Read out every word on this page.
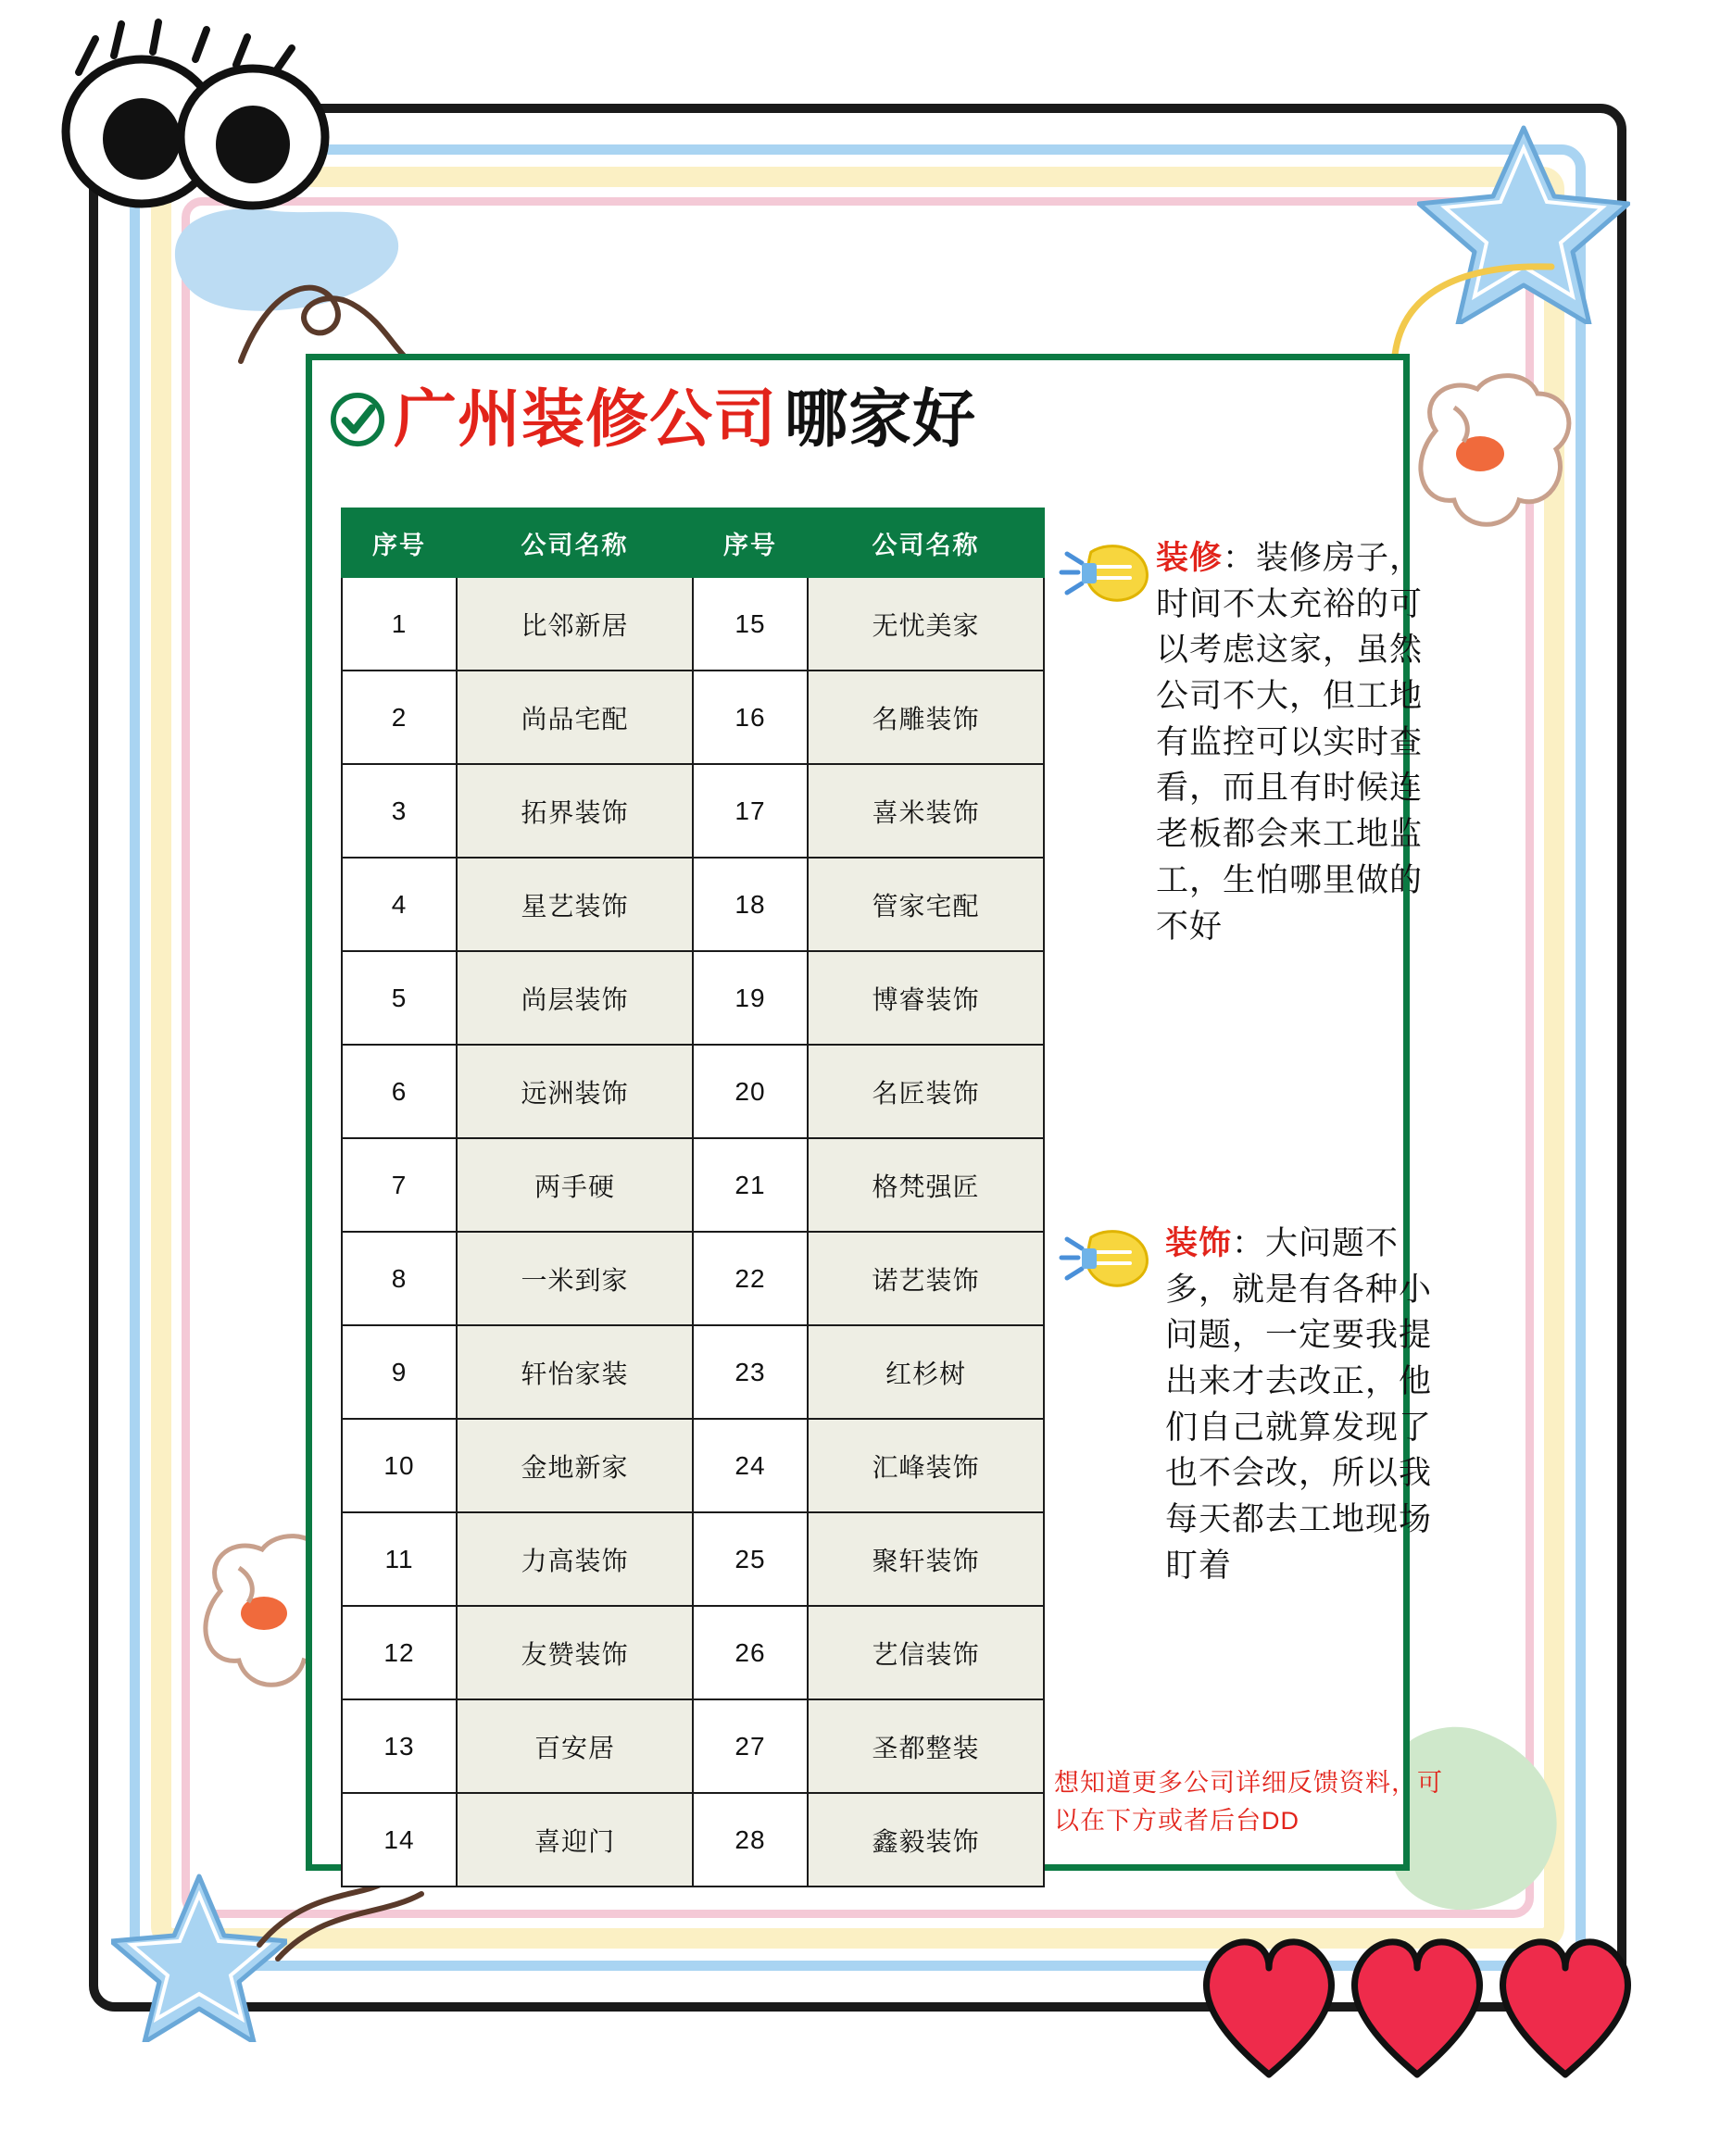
广州装修公司 哪家好
序号	公司名称	序号	公司名称
1	比邻新居	15	无忧美家
2	尚品宅配	16	名雕装饰
3	拓界装饰	17	喜米装饰
4	星艺装饰	18	管家宅配
5	尚层装饰	19	博睿装饰
6	远洲装饰	20	名匠装饰
7	两手硬	21	格梵强匠
8	一米到家	22	诺艺装饰
9	轩怡家装	23	红杉树
10	金地新家	24	汇峰装饰
11	力高装饰	25	聚轩装饰
12	友赞装饰	26	艺信装饰
13	百安居	27	圣都整装
14	喜迎门	28	鑫毅装饰

装修：装修房子，时间不太充裕的可以考虑这家，虽然公司不大，但工地有监控可以实时查看，而且有时候连老板都会来工地监工，生怕哪里做的不好

装饰：大问题不多，就是有各种小问题，一定要我提出来才去改正，他们自己就算发现了也不会改，所以我每天都去工地现场盯着

想知道更多公司详细反馈资料，可以在下方或者后台DD
